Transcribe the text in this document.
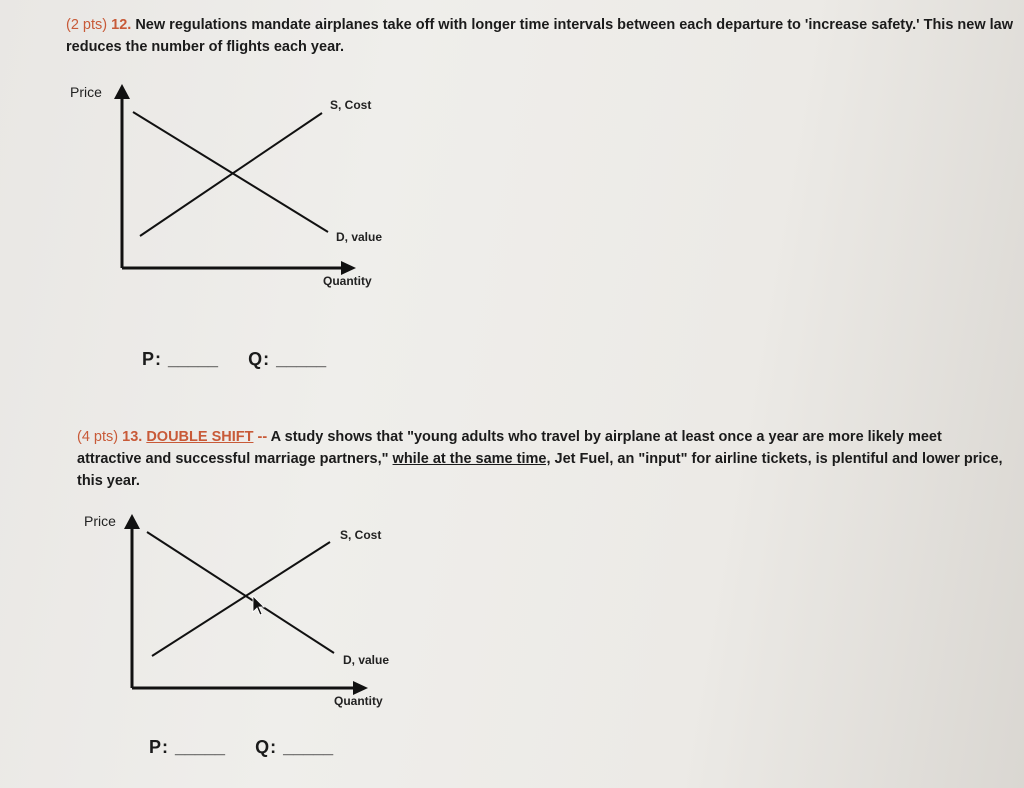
(2 pts) 12. New regulations mandate airplanes take off with longer time intervals between each departure to 'increase safety.' This new law reduces the number of flights each year.
Price
S, Cost
D, value
Quantity
P: _____ Q: _____
(4 pts) 13. DOUBLE SHIFT -- A study shows that "young adults who travel by airplane at least once a year are more likely meet attractive and successful marriage partners," while at the same time, Jet Fuel, an "input" for airline tickets, is plentiful and lower price, this year.
Price
S, Cost
D, value
Quantity
P: _____ Q: _____
